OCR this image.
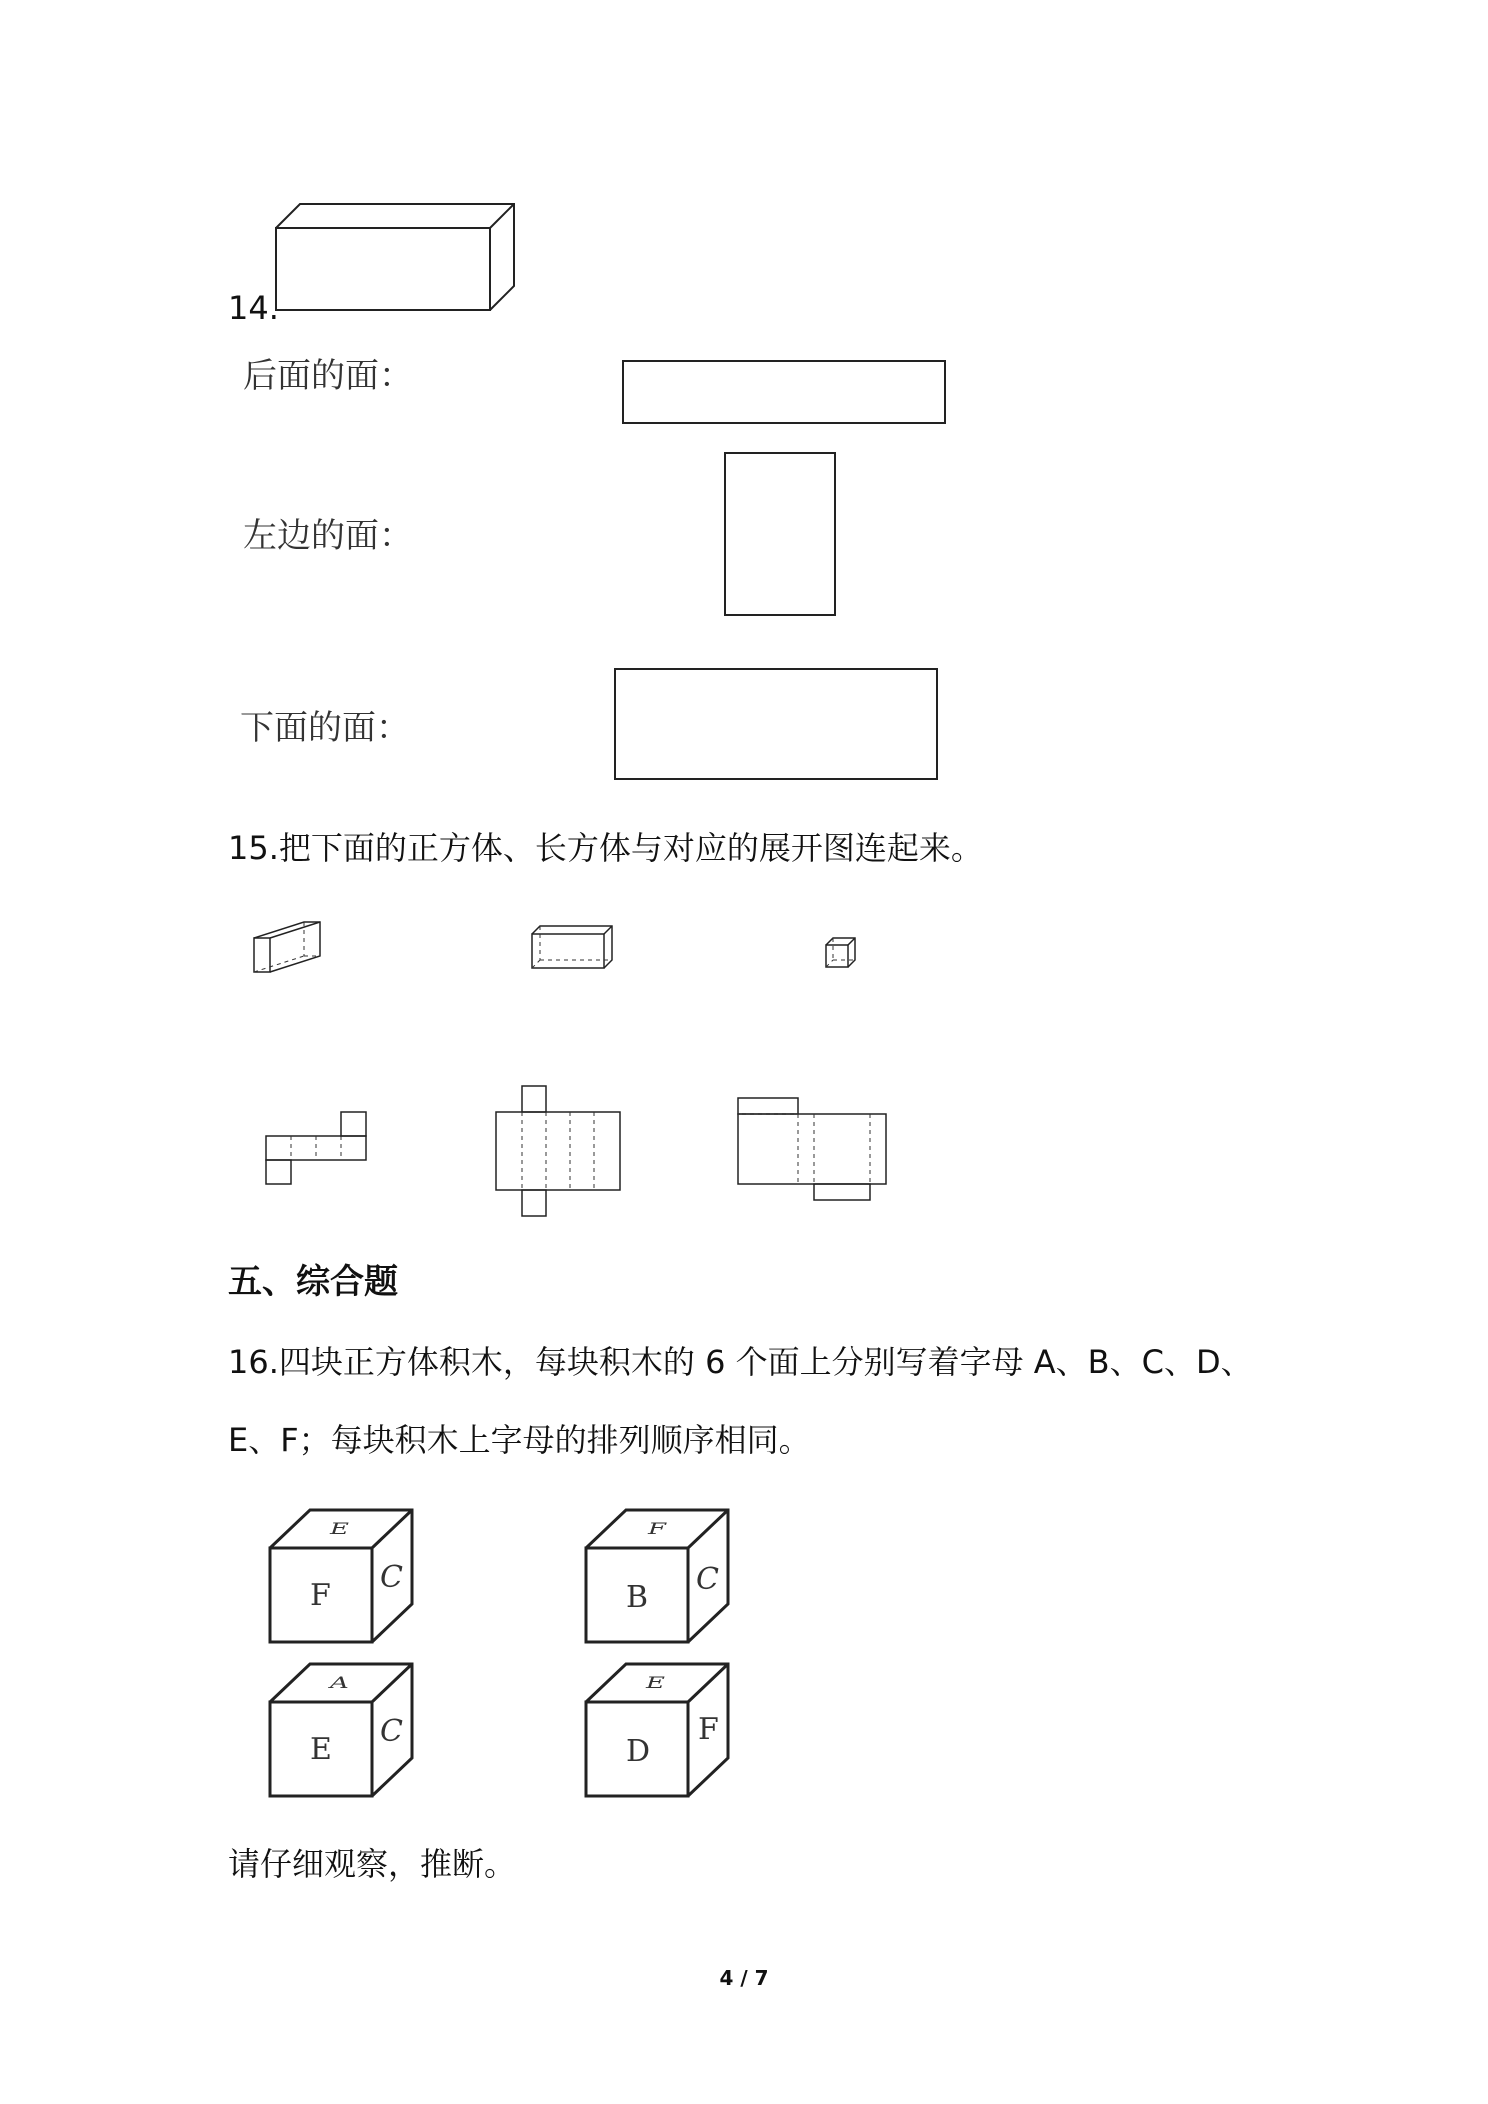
14.
后面的面：
左边的面：
下面的面：
15.把下面的正方体、长方体与对应的展开图连起来。
五、综合题
16.四块正方体积木，每块积木的 6 个面上分别写着字母 A、B、C、D、
E、F；每块积木上字母的排列顺序相同。
E
F
C
F
B
C
A
E
C
E
D
F
请仔细观察，推断。
4 / 7
